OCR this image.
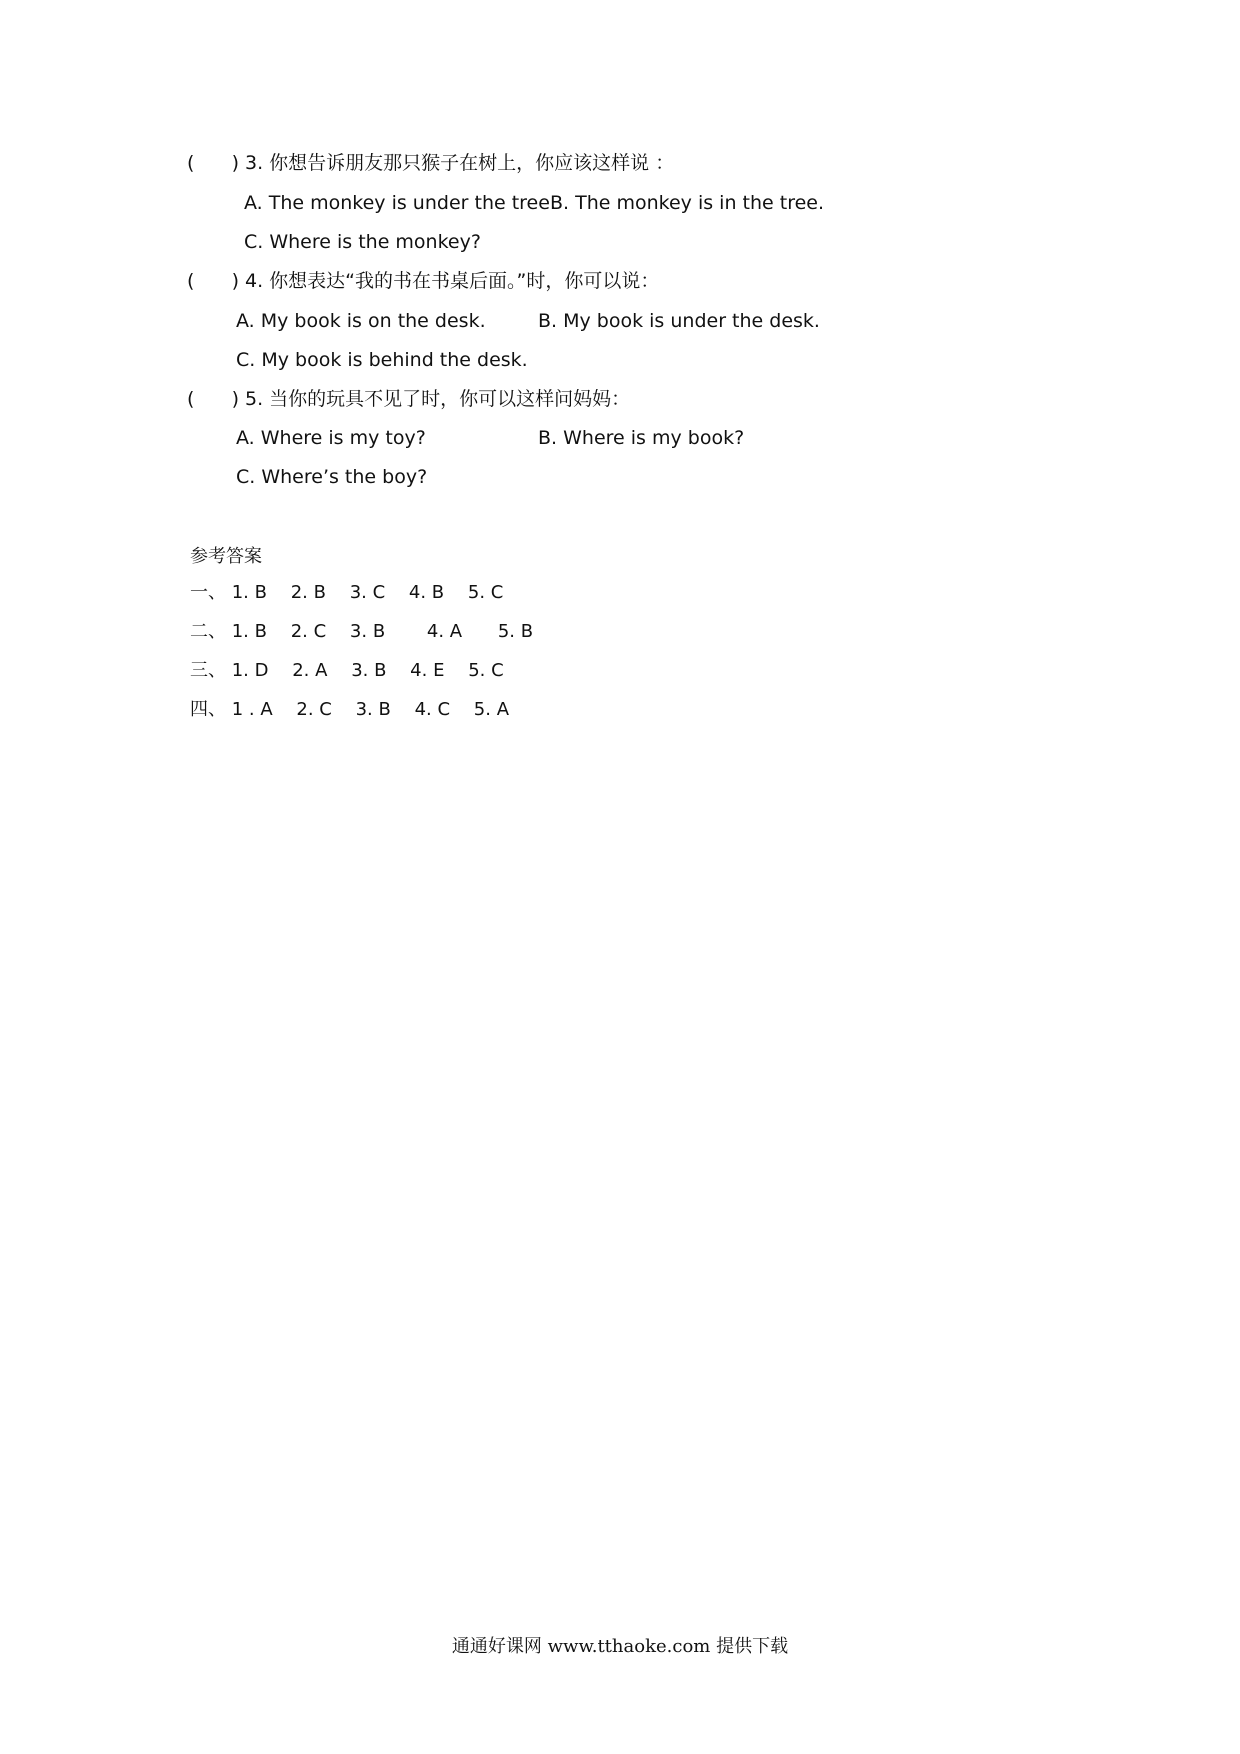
( ) 3. 你想告诉朋友那只猴子在树上，你应该这样说 ：
A. The monkey is under the tree.
B. The monkey is in the tree.
C. Where is the monkey?
( ) 4. 你想表达“我的书在书桌后面。”时，你可以说：
A. My book is on the desk.	B. My book is under the desk.
C. My book is behind the desk.
( ) 5. 当你的玩具不见了时，你可以这样问妈妈：
A. Where is my toy?	B. Where is my book?
C. Where’s the boy?
参考答案
一、 1. B 2. B 3. C 4. B 5. C
二、 1. B 2. C 3. B 4. A 5. B
三、 1. D 2. A 3. B 4. E 5. C
四、 1 . A 2. C 3. B 4. C 5. A
通通好课网 www.tthaoke.com 提供下载
